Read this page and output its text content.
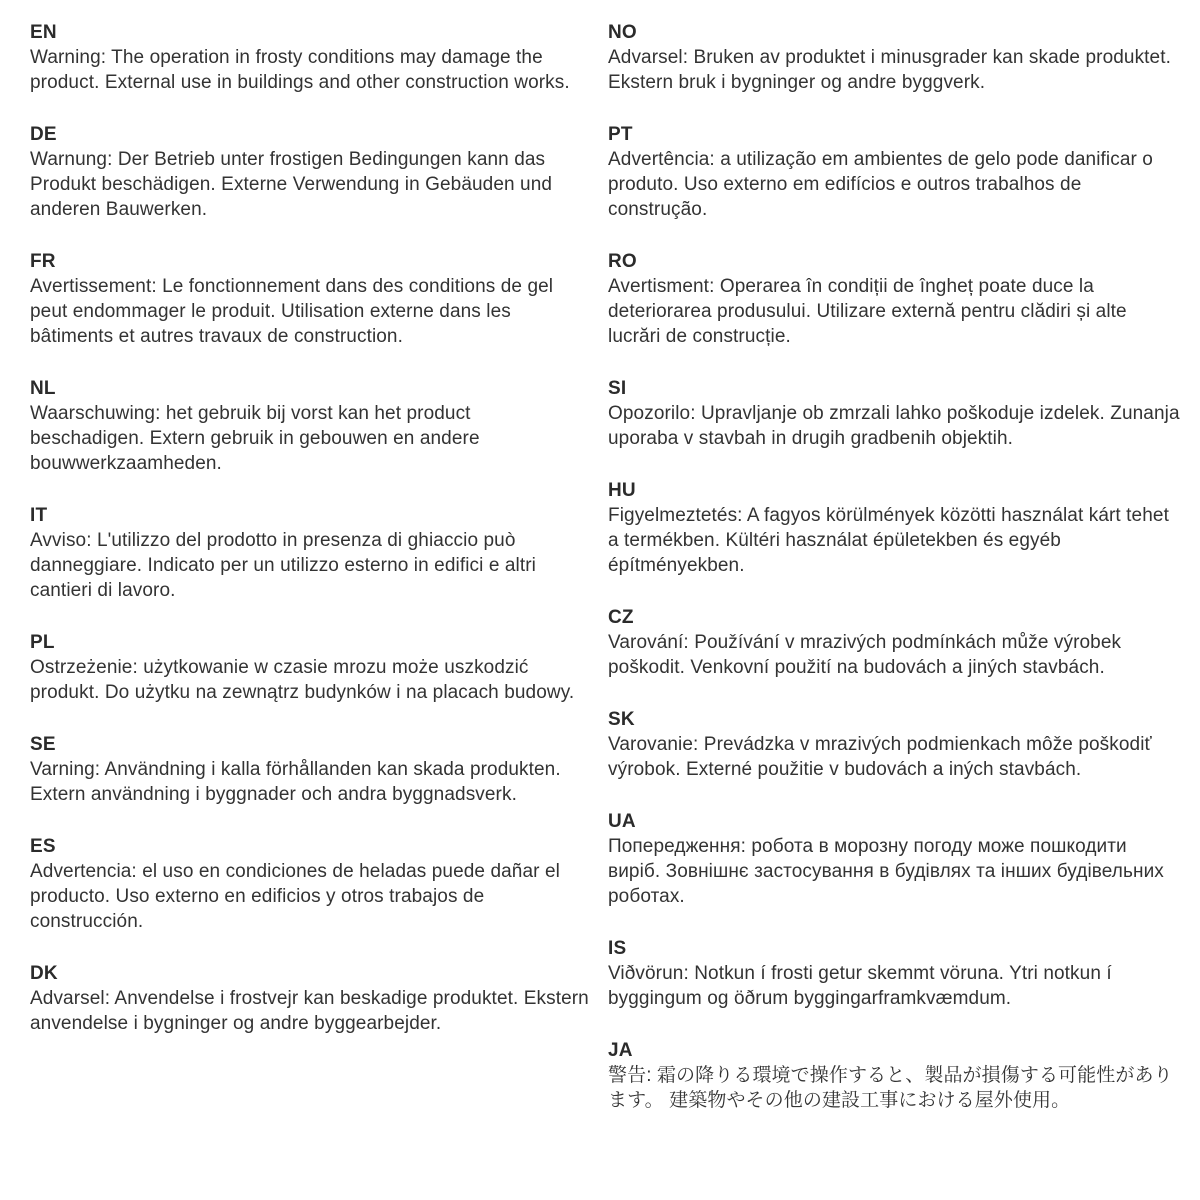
EN
Warning: The operation in frosty conditions may damage the product. External use in buildings and other construction works.
DE
Warnung: Der Betrieb unter frostigen Bedingungen kann das Produkt beschädigen. Externe Verwendung in Gebäuden und anderen Bauwerken.
FR
Avertissement: Le fonctionnement dans des conditions de gel peut endommager le produit. Utilisation externe dans les bâtiments et autres travaux de construction.
NL
Waarschuwing: het gebruik bij vorst kan het product beschadigen. Extern gebruik in gebouwen en andere bouwwerkzaamheden.
IT
Avviso: L'utilizzo del prodotto in presenza di ghiaccio può danneggiare. Indicato per un utilizzo esterno in edifici e altri cantieri di lavoro.
PL
Ostrzeżenie: użytkowanie w czasie mrozu może uszkodzić produkt. Do użytku na zewnątrz budynków i na placach budowy.
SE
Varning: Användning i kalla förhållanden kan skada produkten. Extern användning i byggnader och andra byggnadsverk.
ES
Advertencia: el uso en condiciones de heladas puede dañar el producto. Uso externo en edificios y otros trabajos de construcción.
DK
Advarsel: Anvendelse i frostvejr kan beskadige produktet. Ekstern anvendelse i bygninger og andre byggearbejder.
NO
Advarsel: Bruken av produktet i minusgrader kan skade produktet. Ekstern bruk i bygninger og andre byggverk.
PT
Advertência: a utilização em ambientes de gelo pode danificar o produto. Uso externo em edifícios e outros trabalhos de construção.
RO
Avertisment: Operarea în condiții de îngheț poate duce la deteriorarea produsului. Utilizare externă pentru clădiri și alte lucrări de construcție.
SI
Opozorilo: Upravljanje ob zmrzali lahko poškoduje izdelek. Zunanja uporaba v stavbah in drugih gradbenih objektih.
HU
Figyelmeztetés: A fagyos körülmények közötti használat kárt tehet a termékben. Kültéri használat épületekben és egyéb építményekben.
CZ
Varování: Používání v mrazivých podmínkách může výrobek poškodit. Venkovní použití na budovách a jiných stavbách.
SK
Varovanie: Prevádzka v mrazivých podmienkach môže poškodiť výrobok. Externé použitie v budovách a iných stavbách.
UA
Попередження: робота в морозну погоду може пошкодити виріб. Зовнішнє застосування в будівлях та інших будівельних роботах.
IS
Viðvörun: Notkun í frosti getur skemmt vöruna. Ytri notkun í byggingum og öðrum byggingarframkvæmdum.
JA
警告: 霜の降りる環境で操作すると、製品が損傷する可能性があります。 建築物やその他の建設工事における屋外使用。
